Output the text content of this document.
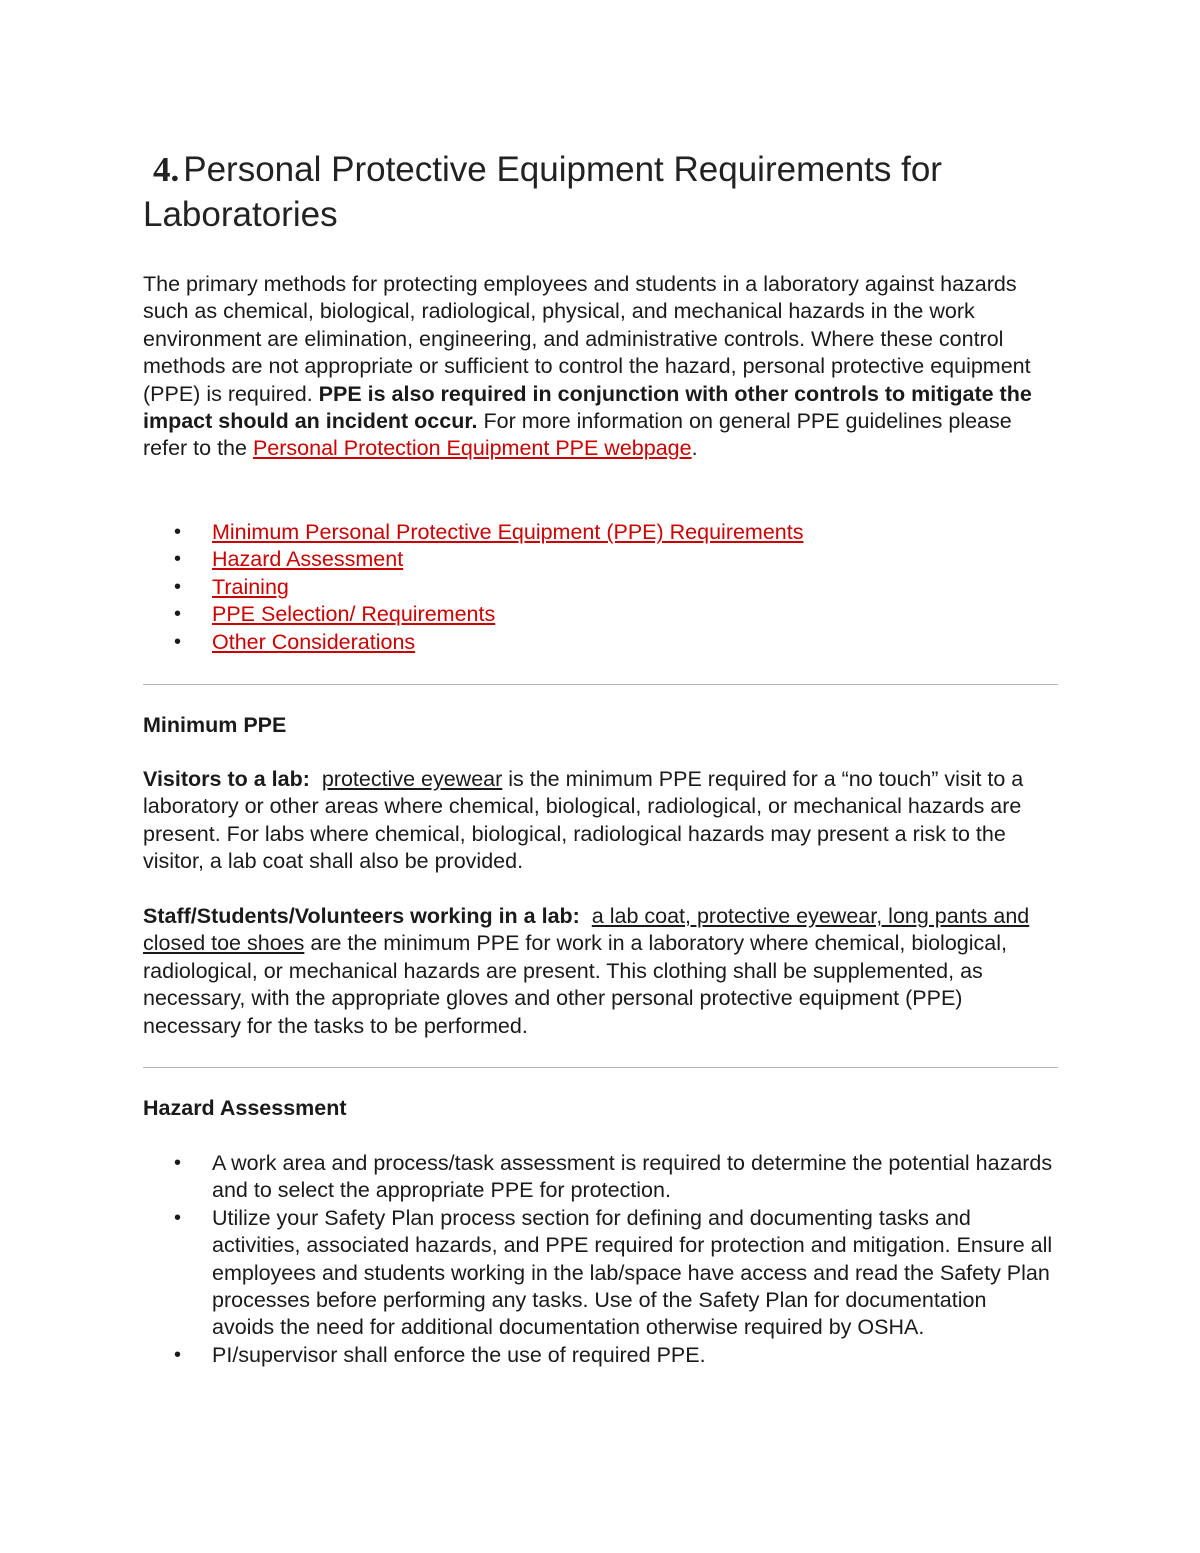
4. Personal Protective Equipment Requirements for Laboratories

The primary methods for protecting employees and students in a laboratory against hazards such as chemical, biological, radiological, physical, and mechanical hazards in the work environment are elimination, engineering, and administrative controls. Where these control methods are not appropriate or sufficient to control the hazard, personal protective equipment (PPE) is required. PPE is also required in conjunction with other controls to mitigate the impact should an incident occur. For more information on general PPE guidelines please refer to the Personal Protection Equipment PPE webpage.

• Minimum Personal Protective Equipment (PPE) Requirements
• Hazard Assessment
• Training
• PPE Selection/ Requirements
• Other Considerations

Minimum PPE

Visitors to a lab: protective eyewear is the minimum PPE required for a “no touch” visit to a laboratory or other areas where chemical, biological, radiological, or mechanical hazards are present. For labs where chemical, biological, radiological hazards may present a risk to the visitor, a lab coat shall also be provided.

Staff/Students/Volunteers working in a lab: a lab coat, protective eyewear, long pants and closed toe shoes are the minimum PPE for work in a laboratory where chemical, biological, radiological, or mechanical hazards are present. This clothing shall be supplemented, as necessary, with the appropriate gloves and other personal protective equipment (PPE) necessary for the tasks to be performed.

Hazard Assessment

• A work area and process/task assessment is required to determine the potential hazards and to select the appropriate PPE for protection.
• Utilize your Safety Plan process section for defining and documenting tasks and activities, associated hazards, and PPE required for protection and mitigation. Ensure all employees and students working in the lab/space have access and read the Safety Plan processes before performing any tasks. Use of the Safety Plan for documentation avoids the need for additional documentation otherwise required by OSHA.
• PI/supervisor shall enforce the use of required PPE.
